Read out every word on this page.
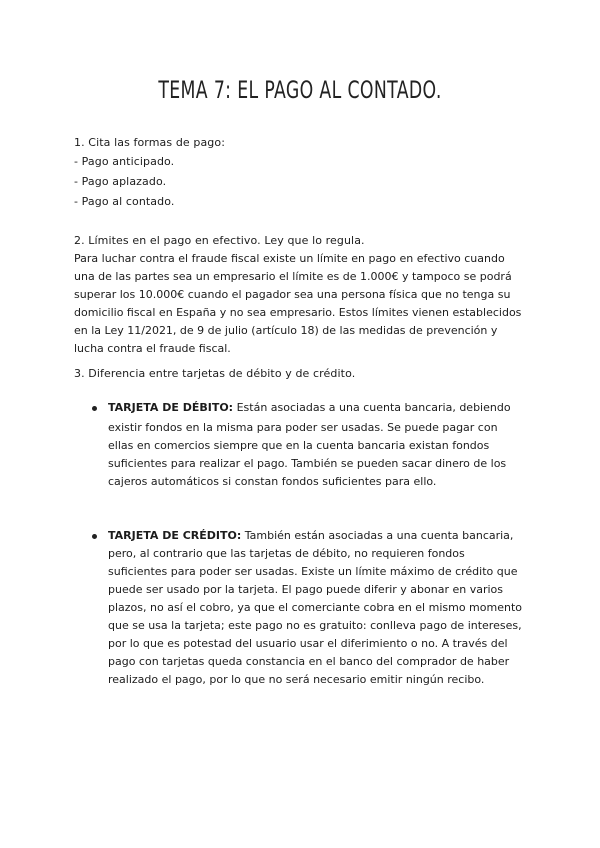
TEMA 7: EL PAGO AL CONTADO.
1. Cita las formas de pago:
- Pago anticipado.
- Pago aplazado.
- Pago al contado.
2. Límites en el pago en efectivo. Ley que lo regula.
Para luchar contra el fraude fiscal existe un límite en pago en efectivo cuando
una de las partes sea un empresario el límite es de 1.000€ y tampoco se podrá
superar los 10.000€ cuando el pagador sea una persona física que no tenga su
domicilio fiscal en España y no sea empresario. Estos límites vienen establecidos
en la Ley 11/2021, de 9 de julio (artículo 18) de las medidas de prevención y
lucha contra el fraude fiscal.
3. Diferencia entre tarjetas de débito y de crédito.
TARJETA DE DÉBITO: Están asociadas a una cuenta bancaria, debiendo
existir fondos en la misma para poder ser usadas. Se puede pagar con
ellas en comercios siempre que en la cuenta bancaria existan fondos
suficientes para realizar el pago. También se pueden sacar dinero de los
cajeros automáticos si constan fondos suficientes para ello.
TARJETA DE CRÉDITO: También están asociadas a una cuenta bancaria,
pero, al contrario que las tarjetas de débito, no requieren fondos
suficientes para poder ser usadas. Existe un límite máximo de crédito que
puede ser usado por la tarjeta. El pago puede diferir y abonar en varios
plazos, no así el cobro, ya que el comerciante cobra en el mismo momento
que se usa la tarjeta; este pago no es gratuito: conlleva pago de intereses,
por lo que es potestad del usuario usar el diferimiento o no. A través del
pago con tarjetas queda constancia en el banco del comprador de haber
realizado el pago, por lo que no será necesario emitir ningún recibo.
